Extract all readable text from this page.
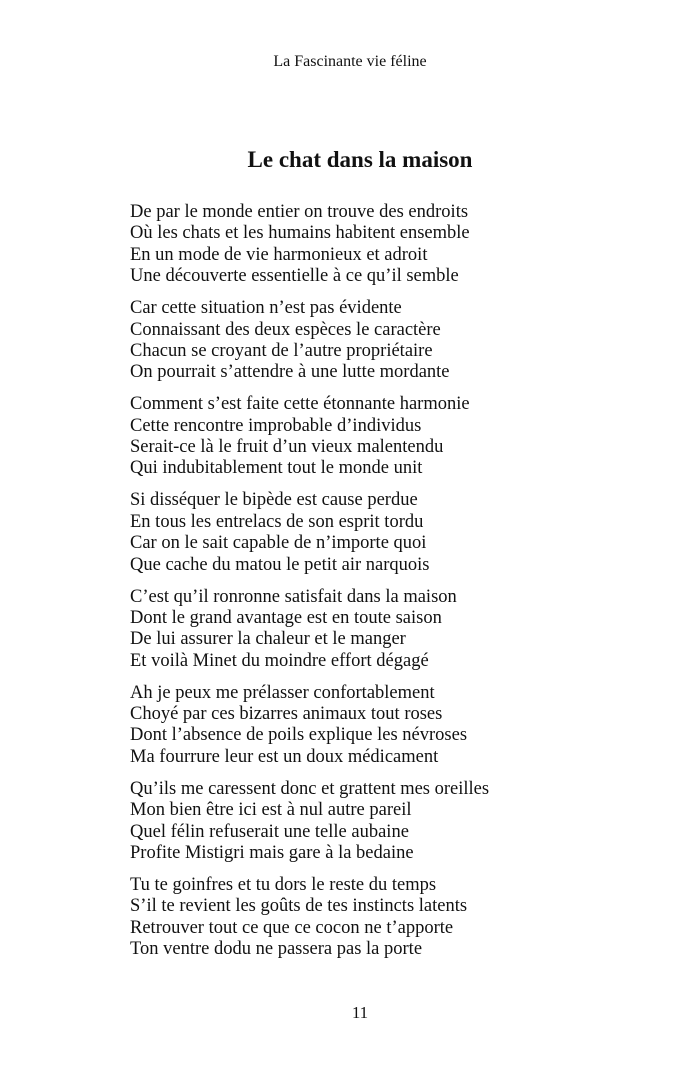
La Fascinante vie féline
Le chat dans la maison
De par le monde entier on trouve des endroits
Où les chats et les humains habitent ensemble
En un mode de vie harmonieux et adroit
Une découverte essentielle à ce qu’il semble
Car cette situation n’est pas évidente
Connaissant des deux espèces le caractère
Chacun se croyant de l’autre propriétaire
On pourrait s’attendre à une lutte mordante
Comment s’est faite cette étonnante harmonie
Cette rencontre improbable d’individus
Serait-ce là le fruit d’un vieux malentendu
Qui indubitablement tout le monde unit
Si disséquer le bipède est cause perdue
En tous les entrelacs de son esprit tordu
Car on le sait capable de n’importe quoi
Que cache du matou le petit air narquois
C’est qu’il ronronne satisfait dans la maison
Dont le grand avantage est en toute saison
De lui assurer la chaleur et le manger
Et voilà Minet du moindre effort dégagé
Ah je peux me prélasser confortablement
Choyé par ces bizarres animaux tout roses
Dont l’absence de poils explique les névroses
Ma fourrure leur est un doux médicament
Qu’ils me caressent donc et grattent mes oreilles
Mon bien être ici est à nul autre pareil
Quel félin refuserait une telle aubaine
Profite Mistigri mais gare à la bedaine
Tu te goinfres et tu dors le reste du temps
S’il te revient les goûts de tes instincts latents
Retrouver tout ce que ce cocon ne t’apporte
Ton ventre dodu ne passera pas la porte
11
